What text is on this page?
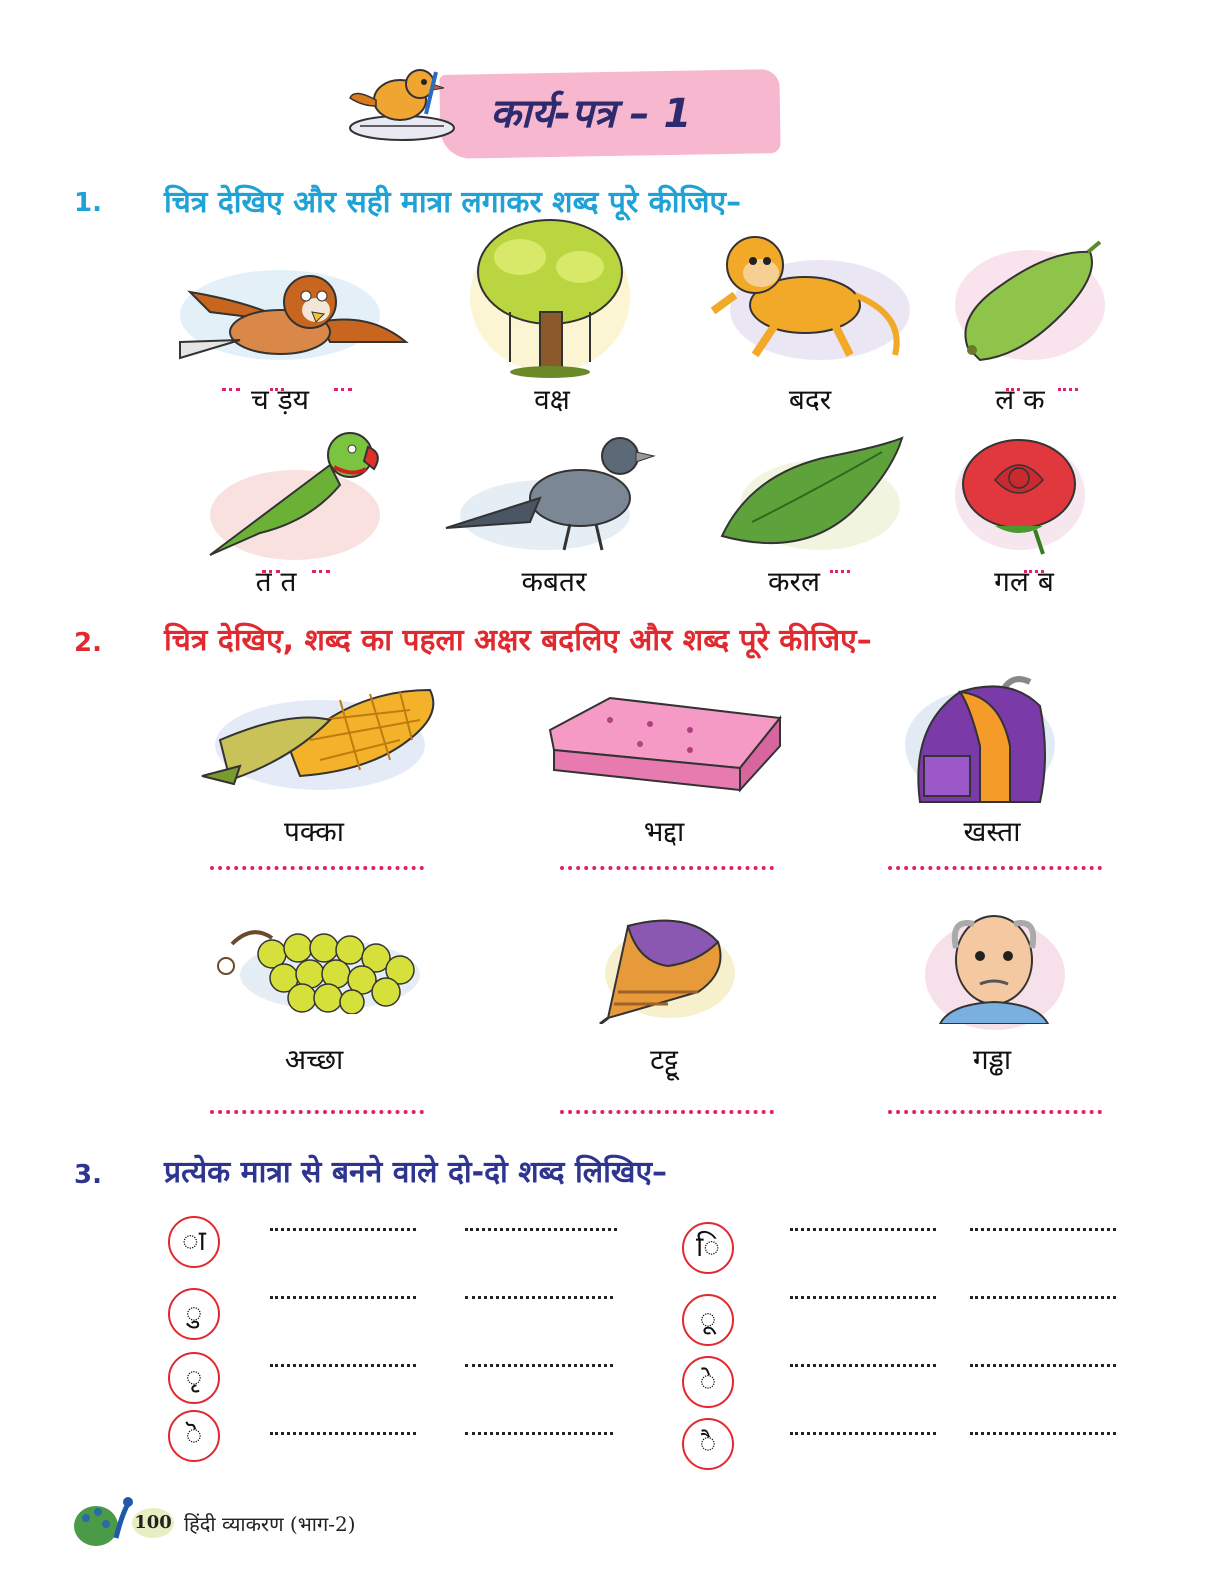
कार्य-पत्र – 1
1. चित्र देखिए और सही मात्रा लगाकर शब्द पूरे कीजिए–
च ड़य	वक्ष	बदर	ल क
त त	कबतर	करल	गल ब
2. चित्र देखिए, शब्द का पहला अक्षर बदलिए और शब्द पूरे कीजिए–
पक्का	भद्दा	खस्ता
अच्छा	टट्टू	गड्ढा
3. प्रत्येक मात्रा से बनने वाले दो-दो शब्द लिखिए–
ा
ु
ृ
ॆ
ि
ू
े
ै
100 हिंदी व्याकरण (भाग-2)
